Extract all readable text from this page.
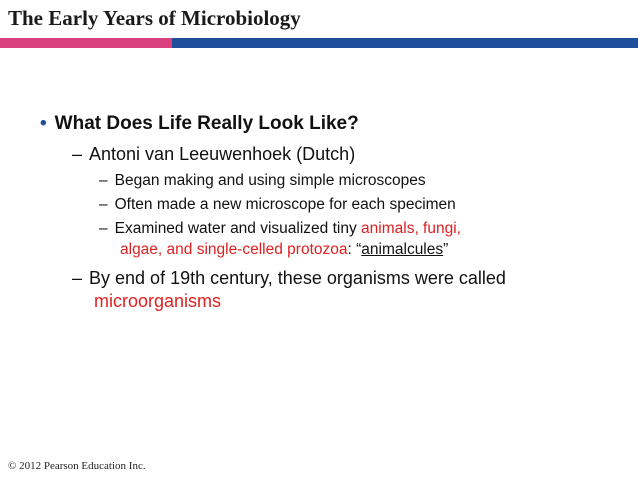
The Early Years of Microbiology
• What Does Life Really Look Like?
– Antoni van Leeuwenhoek (Dutch)
– Began making and using simple microscopes
– Often made a new microscope for each specimen
– Examined water and visualized tiny animals, fungi,
algae, and single-celled protozoa: “animalcules”
– By end of 19th century, these organisms were called
microorganisms
© 2012 Pearson Education Inc.
